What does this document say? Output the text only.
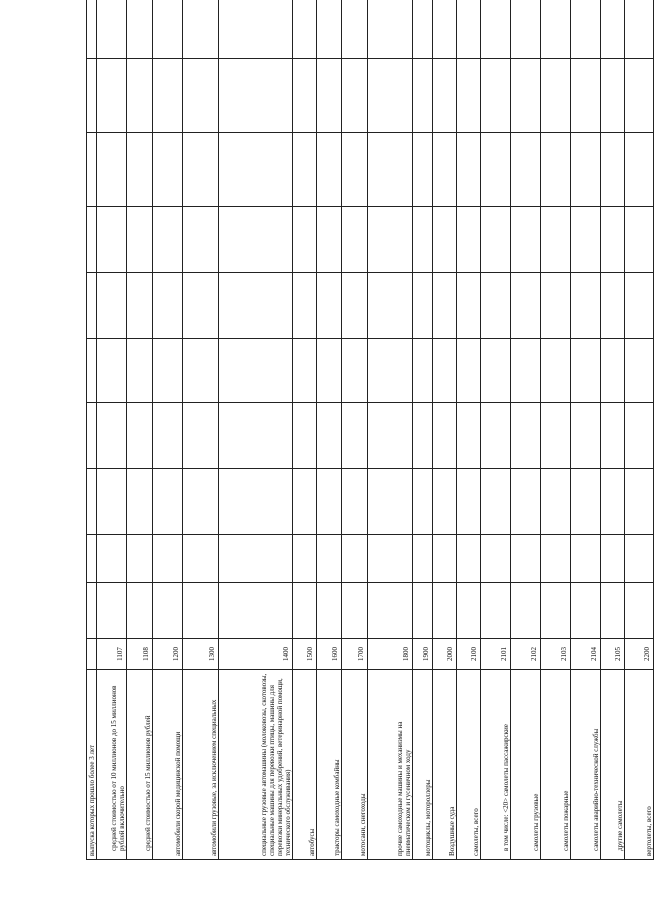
выпуска которых прошло более 3 лет											
средней стоимостью от 10 миллионов до 15 миллионов рублей включительно	1107										
средней стоимостью от 15 миллионов рублей	1108										
автомобили скорой медицинской помощи	1200										
автомобили грузовые, за исключением специальных	1300										
специальные грузовые автомашины (молоковозы, скотовозы, специальные машины для перевозки птицы, машины для перевозки минеральных удобрений, ветеринарной помощи, технического обслуживания)	1400										
автобусы	1500										
тракторы самоходные комбайны	1600										
мотосани, снегоходы	1700										
прочие самоходные машины и механизмы на пневматическом и гусеничном ходу	1800										
мотоциклы, мотороллеры	1900										
Воздушные суда	2000										
самолеты, всего	2100										
в том числе: <20> самолеты пассажирские	2101										
самолеты грузовые	2102										
самолеты пожарные	2103										
самолеты аварийно-технической службы	2104										
другие самолеты	2105										
вертолеты, всего	2200										
